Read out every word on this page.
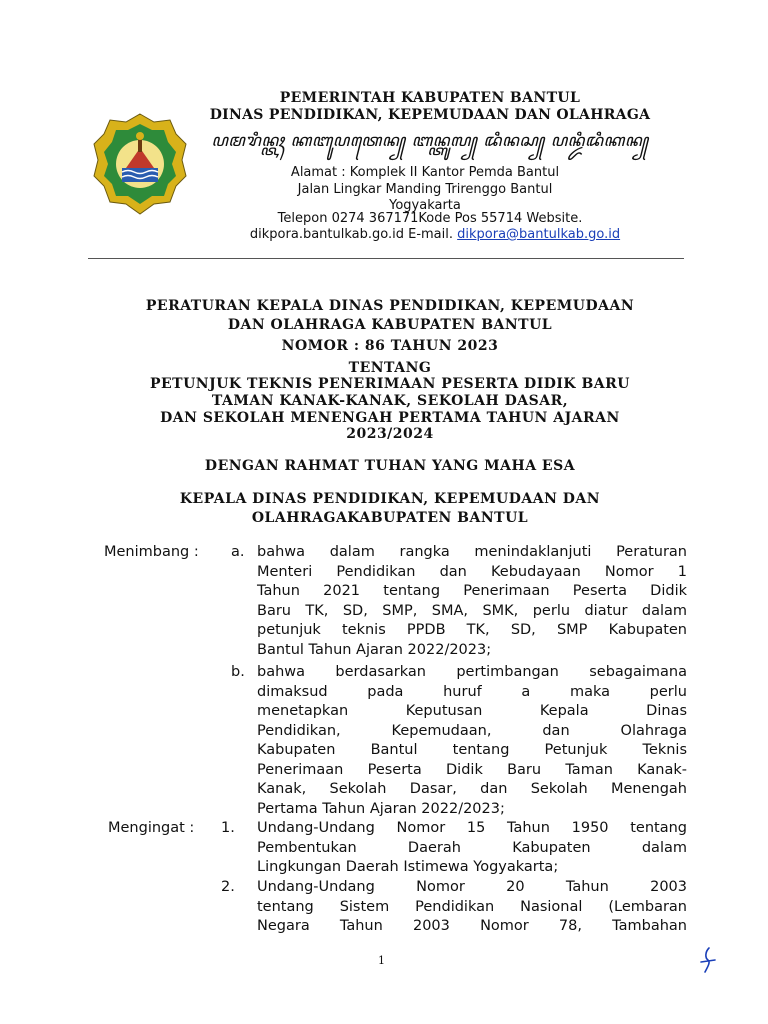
PEMERINTAH KABUPATEN BANTUL
DINAS PENDIDIKAN, KEPEMUDAAN DAN OLAHRAGA
ꦥꦩꦫꦶꦤ꧀ꦠꦃ ꦏꦧꦸꦥꦠꦺꦤ꧀ ꦧꦤ꧀ꦠꦸꦭ꧀ ꦢꦶꦤꦱ꧀ ꦥꦤ꧀ꦢꦶꦢꦶꦏꦤ꧀
Alamat : Komplek II Kantor Pemda Bantul
Jalan Lingkar Manding Trirenggo Bantul
Yogyakarta
Telepon 0274 367171Kode Pos 55714 Website.
dikpora.bantulkab.go.id E-mail. dikpora@bantulkab.go.id
PERATURAN KEPALA DINAS PENDIDIKAN, KEPEMUDAAN
DAN OLAHRAGA KABUPATEN BANTUL
NOMOR : 86 TAHUN 2023
TENTANG
PETUNJUK TEKNIS PENERIMAAN PESERTA DIDIK BARU
TAMAN KANAK-KANAK, SEKOLAH DASAR,
DAN SEKOLAH MENENGAH PERTAMA TAHUN AJARAN
2023/2024
DENGAN RAHMAT TUHAN YANG MAHA ESA
KEPALA DINAS PENDIDIKAN, KEPEMUDAAN DAN
OLAHRAGAKABUPATEN BANTUL
Menimbang : a. bahwa dalam rangka menindaklanjuti Peraturan
Menteri Pendidikan dan Kebudayaan Nomor 1
Tahun 2021 tentang Penerimaan Peserta Didik
Baru TK, SD, SMP, SMA, SMK, perlu diatur dalam
petunjuk teknis PPDB TK, SD, SMP Kabupaten
Bantul Tahun Ajaran 2022/2023;
b. bahwa berdasarkan pertimbangan sebagaimana
dimaksud pada huruf a maka perlu
menetapkan Keputusan Kepala Dinas
Pendidikan, Kepemudaan, dan Olahraga
Kabupaten Bantul tentang Petunjuk Teknis
Penerimaan Peserta Didik Baru Taman Kanak-
Kanak, Sekolah Dasar, dan Sekolah Menengah
Pertama Tahun Ajaran 2022/2023;
Mengingat : 1. Undang-Undang Nomor 15 Tahun 1950 tentang
Pembentukan Daerah Kabupaten dalam
Lingkungan Daerah Istimewa Yogyakarta;
2. Undang-Undang Nomor 20 Tahun 2003
tentang Sistem Pendidikan Nasional (Lembaran
Negara Tahun 2003 Nomor 78, Tambahan
1
